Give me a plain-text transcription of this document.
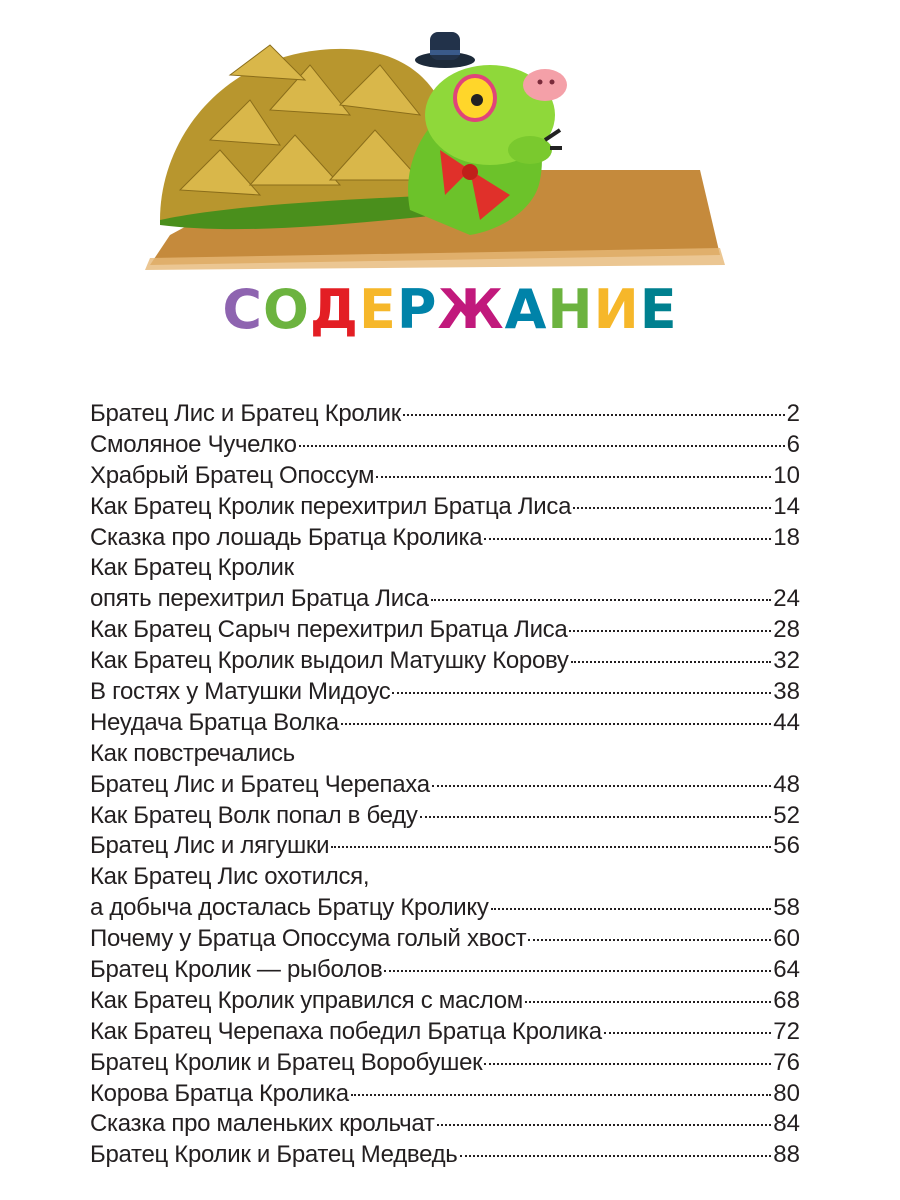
СОДЕРЖАНИЕ
Братец Лис и Братец Кролик	2
Смоляное Чучелко	6
Храбрый Братец Опоссум	10
Как Братец Кролик перехитрил Братца Лиса	14
Сказка про лошадь Братца Кролика	18
Как Братец Кролик
опять перехитрил Братца Лиса	24
Как Братец Сарыч перехитрил Братца Лиса	28
Как Братец Кролик выдоил Матушку Корову	32
В гостях у Матушки Мидоус	38
Неудача Братца Волка	44
Как повстречались
Братец Лис и Братец Черепаха	48
Как Братец Волк попал в беду	52
Братец Лис и лягушки	56
Как Братец Лис охотился,
а добыча досталась Братцу Кролику	58
Почему у Братца Опоссума голый хвост	60
Братец Кролик — рыболов	64
Как Братец Кролик управился с маслом	68
Как Братец Черепаха победил Братца Кролика	72
Братец Кролик и Братец Воробушек	76
Корова Братца Кролика	80
Сказка про маленьких крольчат	84
Братец Кролик и Братец Медведь	88
